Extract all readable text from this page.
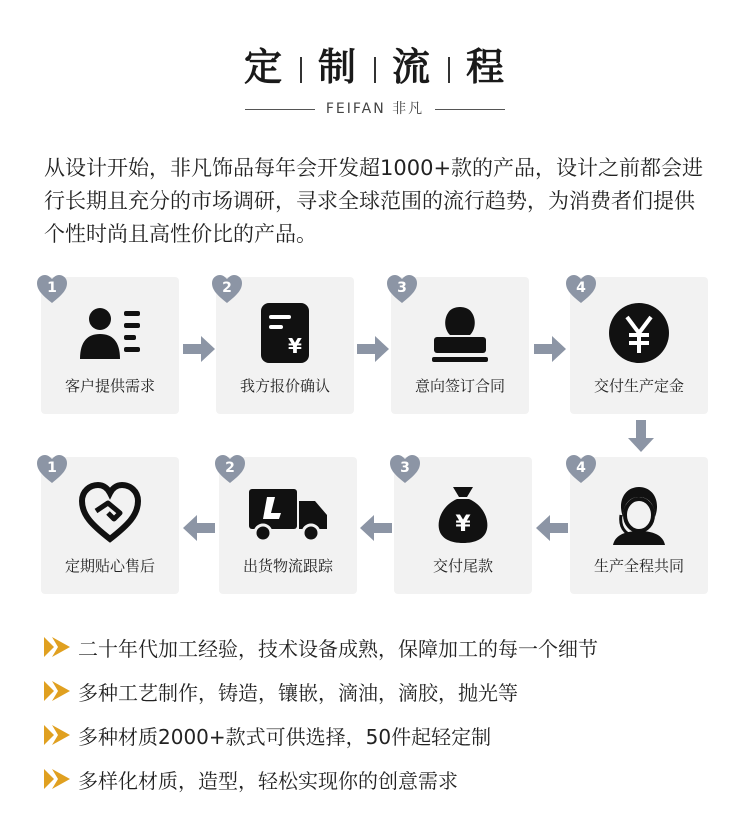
定 制 流 程
FEIFAN 非凡

从设计开始，非凡饰品每年会开发超1000+款的产品，设计之前都会进行长期且充分的市场调研，寻求全球范围的流行趋势，为消费者们提供个性时尚且高性价比的产品。

1
客户提供需求
2
¥
我方报价确认
3
意向签订合同
4
交付生产定金
1
定期贴心售后
2
出货物流跟踪
3
¥
交付尾款
4
生产全程共同
二十年代加工经验，技术设备成熟，保障加工的每一个细节
多种工艺制作，铸造，镶嵌，滴油，滴胶，抛光等
多种材质2000+款式可供选择，50件起轻定制
多样化材质，造型，轻松实现你的创意需求
